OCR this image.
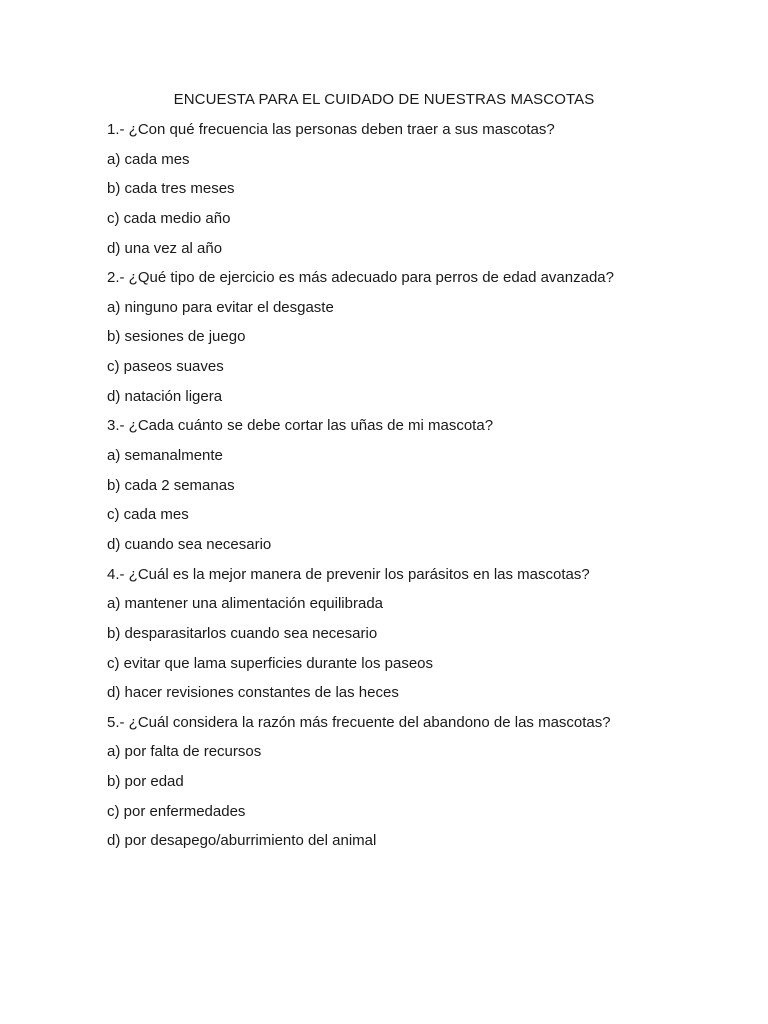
ENCUESTA PARA EL CUIDADO DE NUESTRAS MASCOTAS
1.- ¿Con qué frecuencia las personas deben traer a sus mascotas?
a) cada mes
b) cada tres meses
c) cada medio año
d) una vez al año
2.- ¿Qué tipo de ejercicio es más adecuado para perros de edad avanzada?
a) ninguno para evitar el desgaste
b) sesiones de juego
c) paseos suaves
d) natación ligera
3.- ¿Cada cuánto se debe cortar las uñas de mi mascota?
a) semanalmente
b) cada 2 semanas
c) cada mes
d) cuando sea necesario
4.- ¿Cuál es la mejor manera de prevenir los parásitos en las mascotas?
a) mantener una alimentación equilibrada
b) desparasitarlos cuando sea necesario
c) evitar que lama superficies durante los paseos
d) hacer revisiones constantes de las heces
5.- ¿Cuál considera la razón más frecuente del abandono de las mascotas?
a) por falta de recursos
b) por edad
c) por enfermedades
d) por desapego/aburrimiento del animal
